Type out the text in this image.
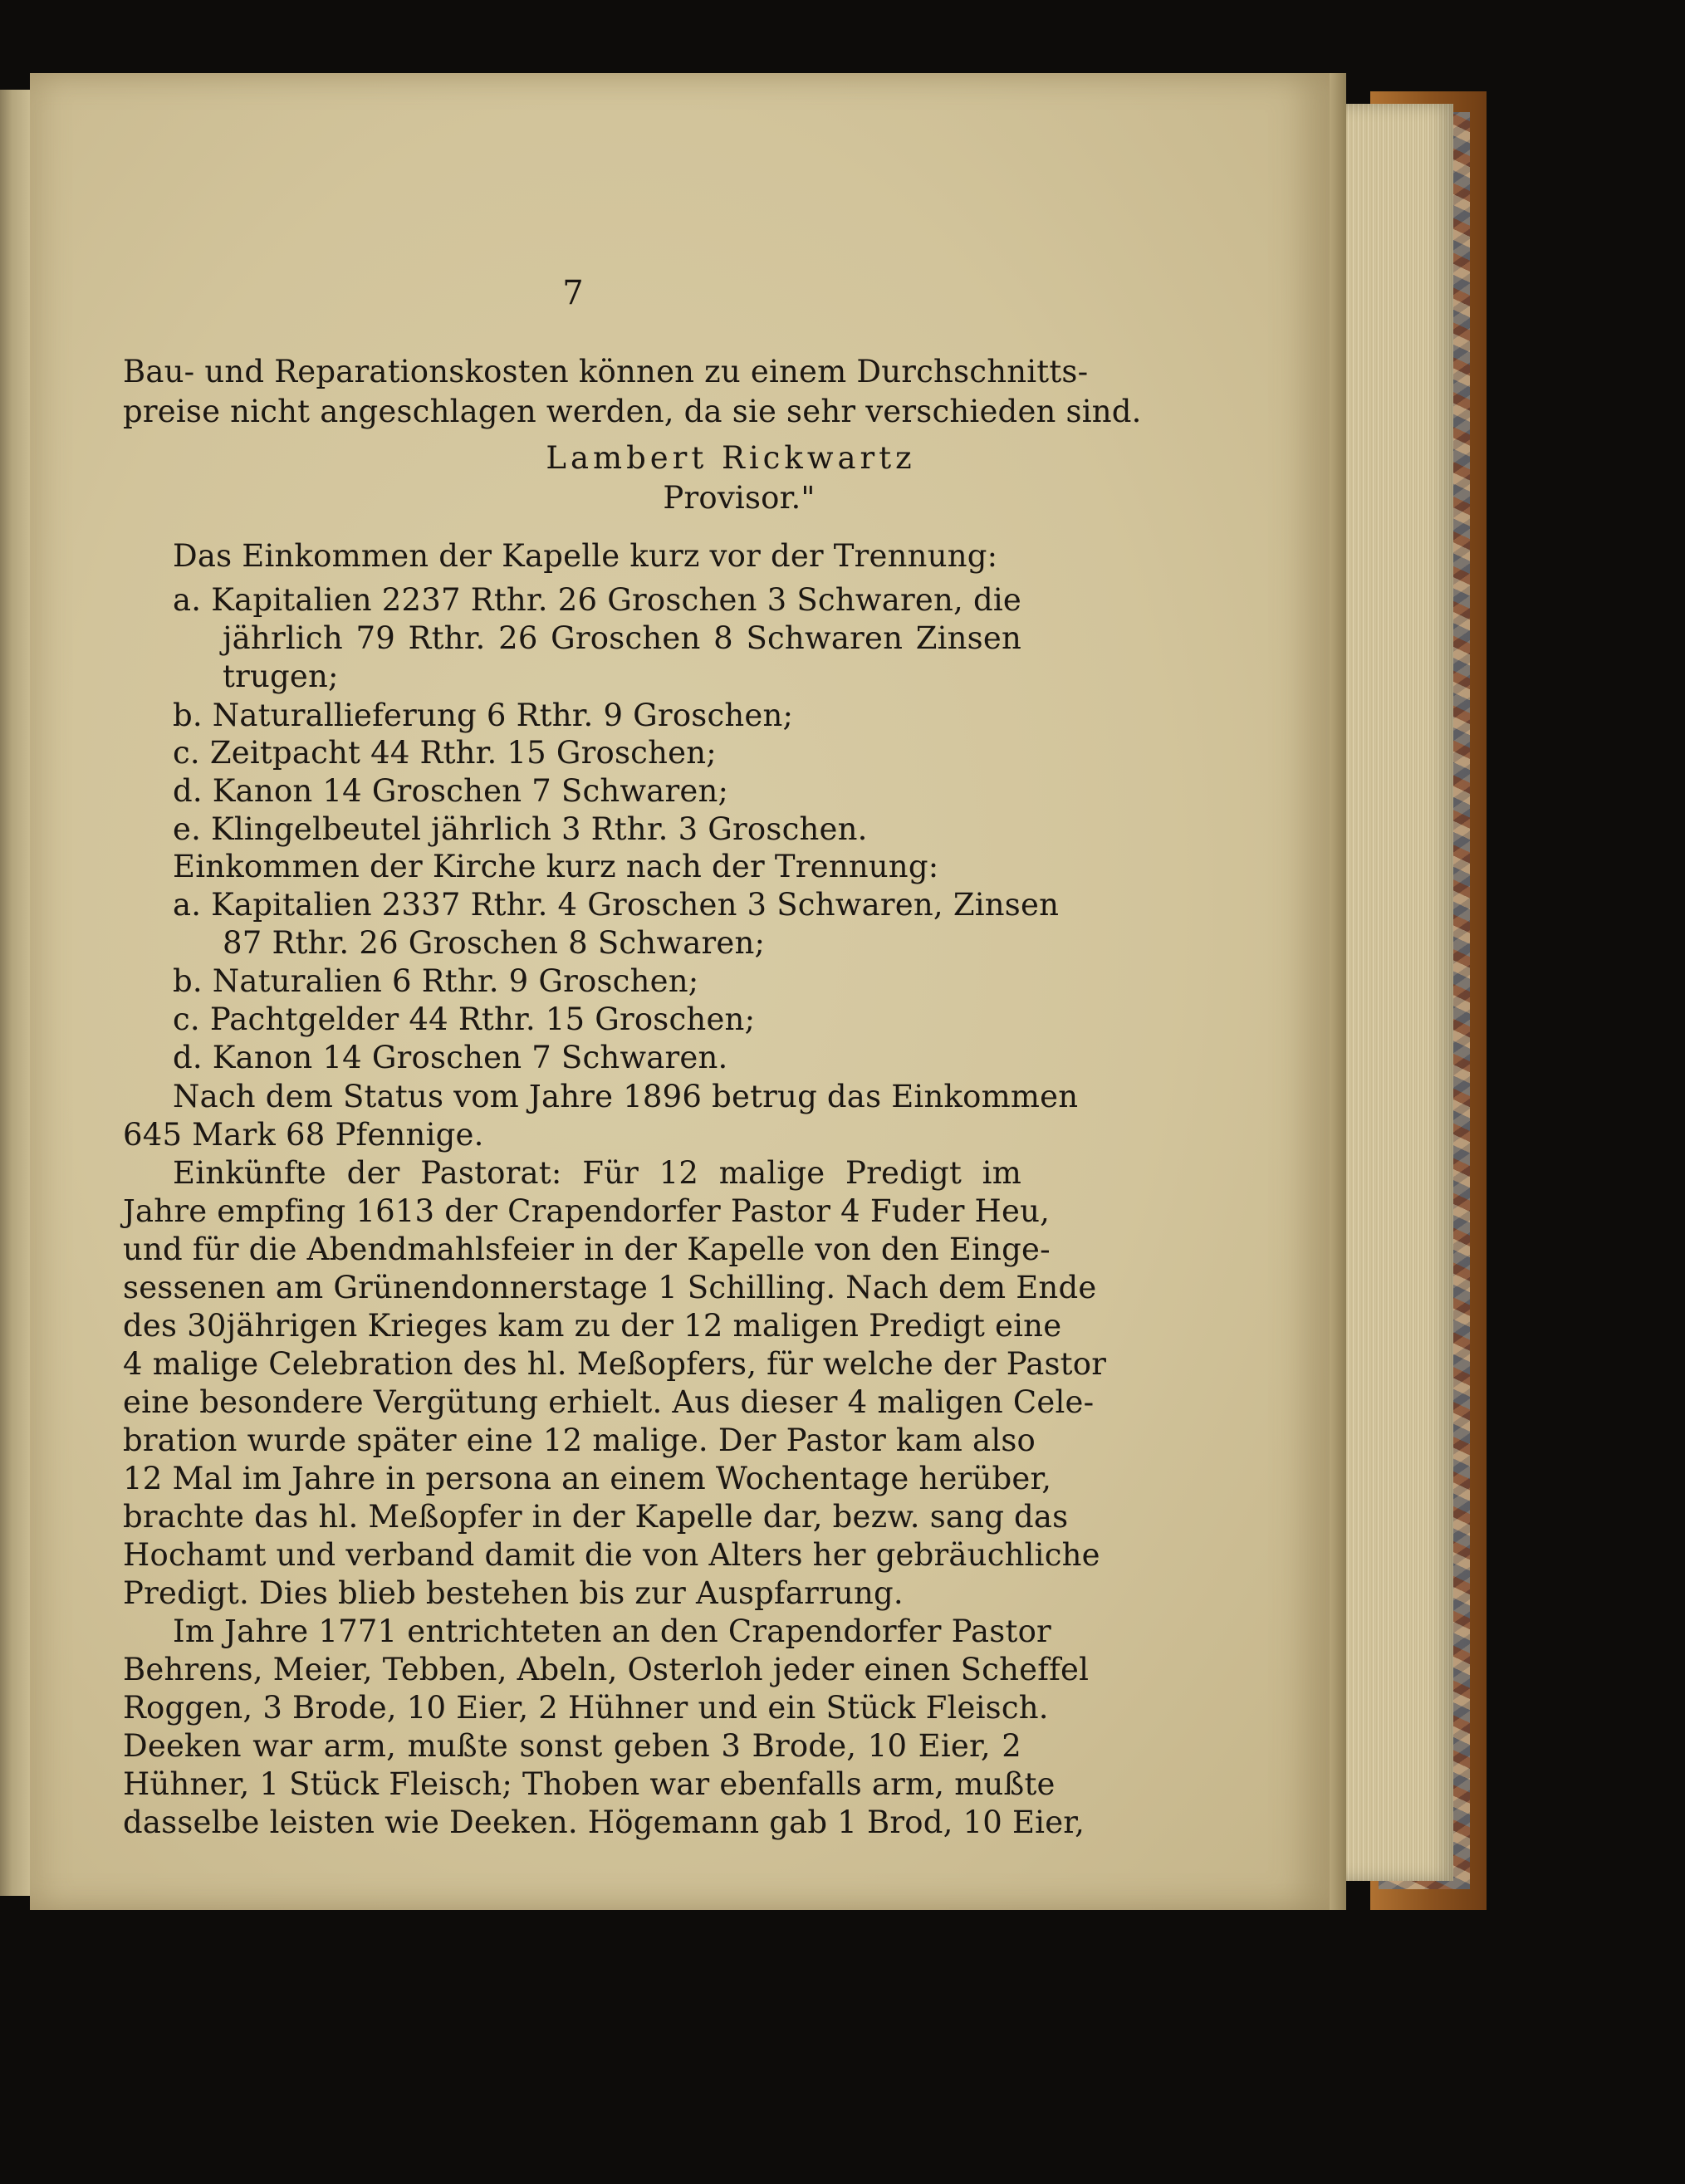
7
Bau- und Reparationskosten können zu einem Durchschnitts-
preise nicht angeschlagen werden, da sie sehr verschieden sind.
Lambert Rickwartz
Provisor."
Das Einkommen der Kapelle kurz vor der Trennung:
a. Kapitalien 2237 Rthr. 26 Groschen 3 Schwaren, die
jährlich 79 Rthr. 26 Groschen 8 Schwaren Zinsen
trugen;
b. Naturallieferung 6 Rthr. 9 Groschen;
c. Zeitpacht 44 Rthr. 15 Groschen;
d. Kanon 14 Groschen 7 Schwaren;
e. Klingelbeutel jährlich 3 Rthr. 3 Groschen.
Einkommen der Kirche kurz nach der Trennung:
a. Kapitalien 2337 Rthr. 4 Groschen 3 Schwaren, Zinsen
87 Rthr. 26 Groschen 8 Schwaren;
b. Naturalien 6 Rthr. 9 Groschen;
c. Pachtgelder 44 Rthr. 15 Groschen;
d. Kanon 14 Groschen 7 Schwaren.
Nach dem Status vom Jahre 1896 betrug das Einkommen
645 Mark 68 Pfennige.
Einkünfte der Pastorat: Für 12 malige Predigt im
Jahre empfing 1613 der Crapendorfer Pastor 4 Fuder Heu,
und für die Abendmahlsfeier in der Kapelle von den Einge-
sessenen am Grünendonnerstage 1 Schilling. Nach dem Ende
des 30jährigen Krieges kam zu der 12 maligen Predigt eine
4 malige Celebration des hl. Meßopfers, für welche der Pastor
eine besondere Vergütung erhielt. Aus dieser 4 maligen Cele-
bration wurde später eine 12 malige. Der Pastor kam also
12 Mal im Jahre in persona an einem Wochentage herüber,
brachte das hl. Meßopfer in der Kapelle dar, bezw. sang das
Hochamt und verband damit die von Alters her gebräuchliche
Predigt. Dies blieb bestehen bis zur Auspfarrung.
Im Jahre 1771 entrichteten an den Crapendorfer Pastor
Behrens, Meier, Tebben, Abeln, Osterloh jeder einen Scheffel
Roggen, 3 Brode, 10 Eier, 2 Hühner und ein Stück Fleisch.
Deeken war arm, mußte sonst geben 3 Brode, 10 Eier, 2
Hühner, 1 Stück Fleisch; Thoben war ebenfalls arm, mußte
dasselbe leisten wie Deeken. Högemann gab 1 Brod, 10 Eier,
